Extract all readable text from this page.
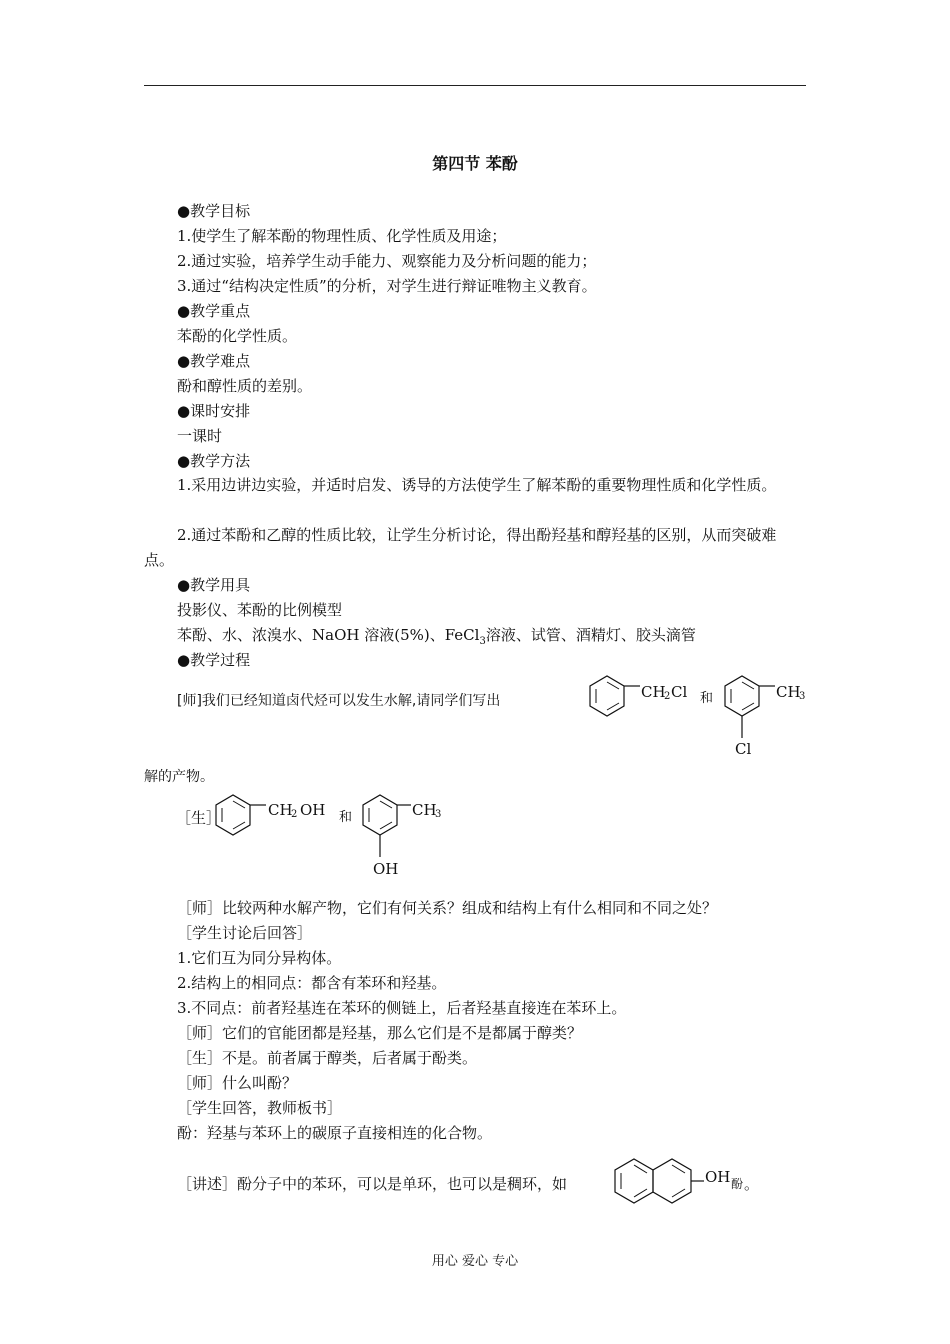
第四节 苯酚
●教学目标
1.使学生了解苯酚的物理性质、化学性质及用途；
2.通过实验，培养学生动手能力、观察能力及分析问题的能力；
3.通过“结构决定性质”的分析，对学生进行辩证唯物主义教育。
●教学重点
苯酚的化学性质。
●教学难点
酚和醇性质的差别。
●课时安排
一课时
●教学方法
1.采用边讲边实验，并适时启发、诱导的方法使学生了解苯酚的重要物理性质和化学性质。
2.通过苯酚和乙醇的性质比较，让学生分析讨论，得出酚羟基和醇羟基的区别，从而突破难点。
●教学用具
投影仪、苯酚的比例模型
苯酚、水、浓溴水、NaOH 溶液(5%)、FeCl$_3$溶液、试管、酒精灯、胶头滴管
●教学过程
[师]我们已经知道卤代烃可以发生水解,请同学们写出	CH
2 Cl 和	CH
3
Cl
CH
2 OH 和	CH
3
OH
解的产物。
［生］
［师］比较两种水解产物，它们有何关系？组成和结构上有什么相同和不同之处？
［学生讨论后回答］
1.它们互为同分异构体。
2.结构上的相同点：都含有苯环和羟基。
3.不同点：前者羟基连在苯环的侧链上，后者羟基直接连在苯环上。
［师］它们的官能团都是羟基，那么它们是不是都属于醇类？
［生］不是。前者属于醇类，后者属于酚类。
［师］什么叫酚？
［学生回答，教师板书］
酚：羟基与苯环上的碳原子直接相连的化合物。
［讲述］酚分子中的苯环，可以是单环，也可以是稠环，如	OH 酚 。
用心 爱心 专心
